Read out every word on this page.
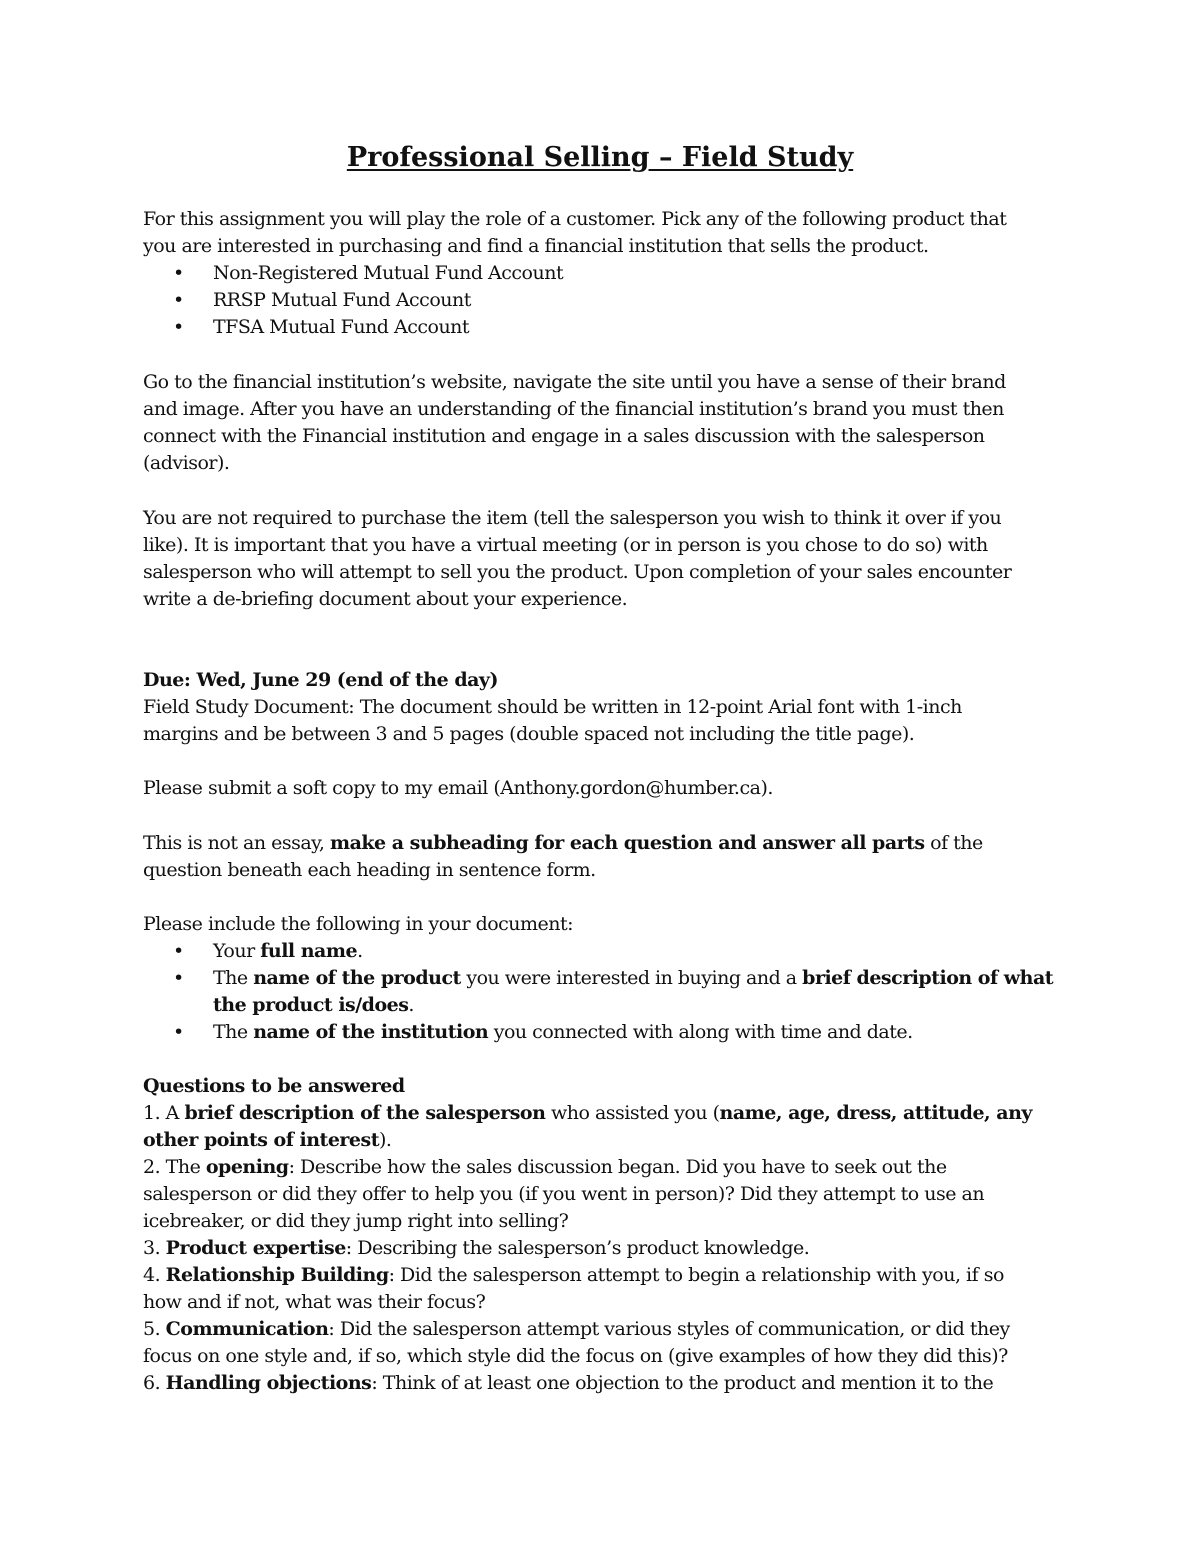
Professional Selling – Field Study
For this assignment you will play the role of a customer. Pick any of the following product that
you are interested in purchasing and find a financial institution that sells the product.
• Non-Registered Mutual Fund Account
• RRSP Mutual Fund Account
• TFSA Mutual Fund Account
Go to the financial institution’s website, navigate the site until you have a sense of their brand
and image. After you have an understanding of the financial institution’s brand you must then
connect with the Financial institution and engage in a sales discussion with the salesperson
(advisor).
You are not required to purchase the item (tell the salesperson you wish to think it over if you
like). It is important that you have a virtual meeting (or in person is you chose to do so) with
salesperson who will attempt to sell you the product. Upon completion of your sales encounter
write a de-briefing document about your experience.
Due: Wed, June 29 (end of the day)
Field Study Document: The document should be written in 12-point Arial font with 1-inch
margins and be between 3 and 5 pages (double spaced not including the title page).
Please submit a soft copy to my email (Anthony.gordon@humber.ca).
This is not an essay, make a subheading for each question and answer all parts of the
question beneath each heading in sentence form.
Please include the following in your document:
• Your full name.
• The name of the product you were interested in buying and a brief description of what
the product is/does.
• The name of the institution you connected with along with time and date.
Questions to be answered
1. A brief description of the salesperson who assisted you (name, age, dress, attitude, any
other points of interest).
2. The opening: Describe how the sales discussion began. Did you have to seek out the
salesperson or did they offer to help you (if you went in person)? Did they attempt to use an
icebreaker, or did they jump right into selling?
3. Product expertise: Describing the salesperson’s product knowledge.
4. Relationship Building: Did the salesperson attempt to begin a relationship with you, if so
how and if not, what was their focus?
5. Communication: Did the salesperson attempt various styles of communication, or did they
focus on one style and, if so, which style did the focus on (give examples of how they did this)?
6. Handling objections: Think of at least one objection to the product and mention it to the
